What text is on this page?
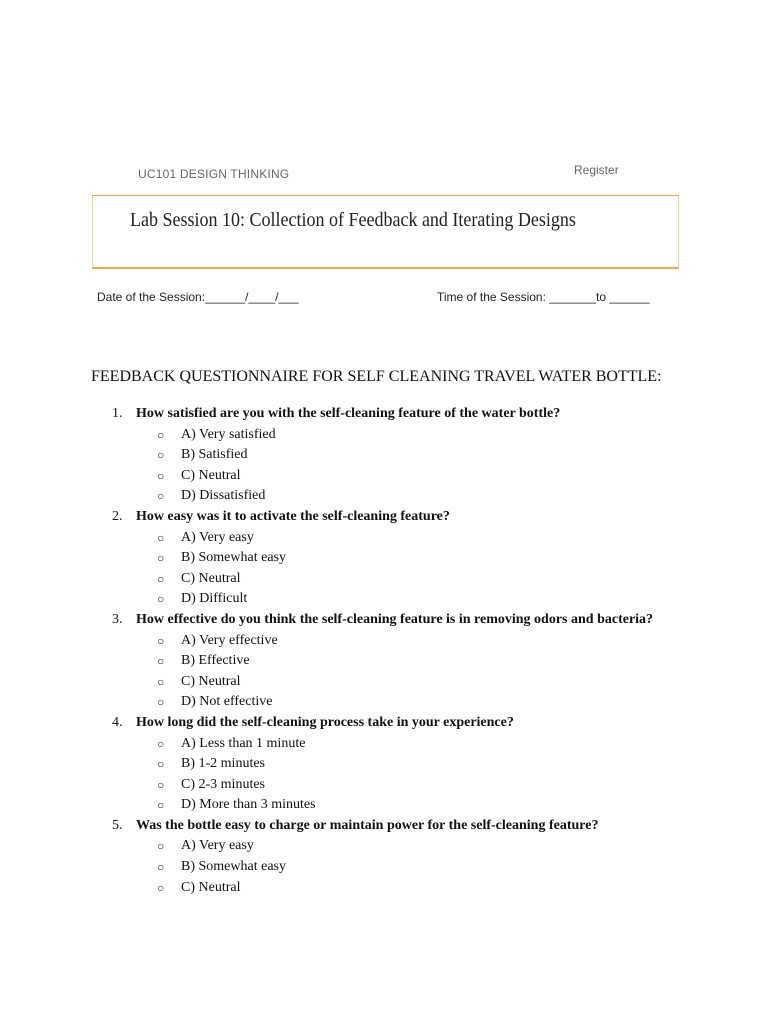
UC101 DESIGN THINKING	Register
Lab Session 10: Collection of Feedback and Iterating Designs
Date of the Session:______/____/___	Time of the Session: _______to ______
FEEDBACK QUESTIONNAIRE FOR SELF CLEANING TRAVEL WATER BOTTLE:
1. How satisfied are you with the self-cleaning feature of the water bottle?
○ A) Very satisfied
○ B) Satisfied
○ C) Neutral
○ D) Dissatisfied
2. How easy was it to activate the self-cleaning feature?
○ A) Very easy
○ B) Somewhat easy
○ C) Neutral
○ D) Difficult
3. How effective do you think the self-cleaning feature is in removing odors and bacteria?
○ A) Very effective
○ B) Effective
○ C) Neutral
○ D) Not effective
4. How long did the self-cleaning process take in your experience?
○ A) Less than 1 minute
○ B) 1-2 minutes
○ C) 2-3 minutes
○ D) More than 3 minutes
5. Was the bottle easy to charge or maintain power for the self-cleaning feature?
○ A) Very easy
○ B) Somewhat easy
○ C) Neutral
